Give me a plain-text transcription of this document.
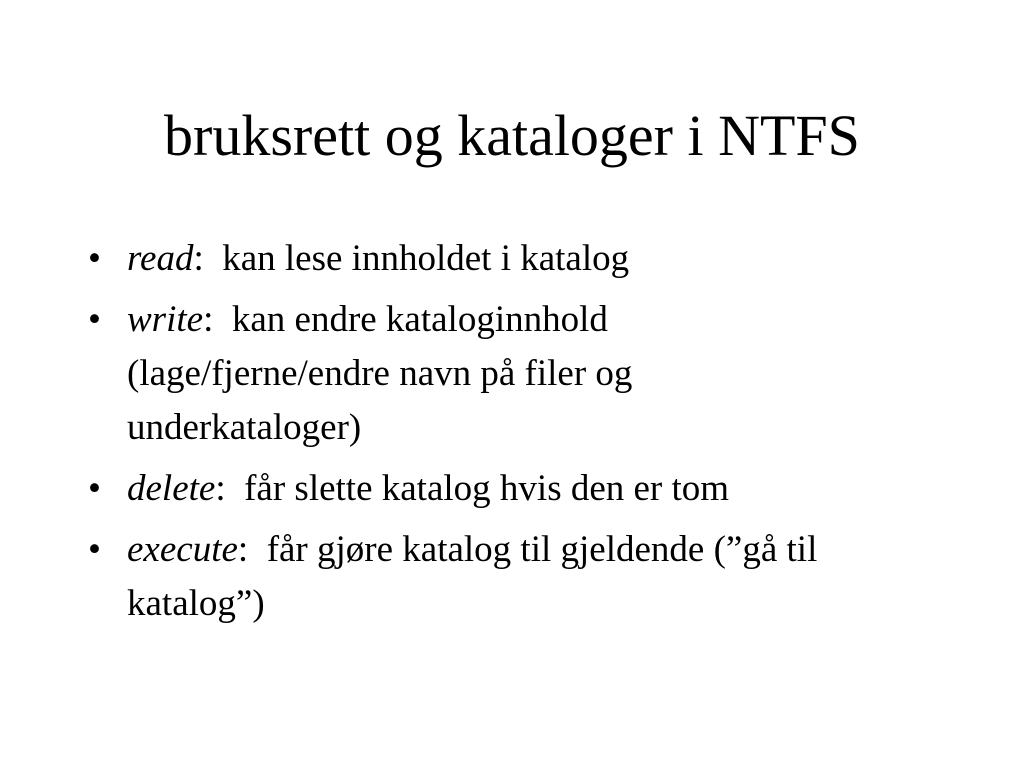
bruksrett og kataloger i NTFS
• read:  kan lese innholdet i katalog
• write:  kan endre kataloginnhold (lage/fjerne/endre navn på filer og underkataloger)
• delete:  får slette katalog hvis den er tom
• execute:  får gjøre katalog til gjeldende (”gå til katalog”)
